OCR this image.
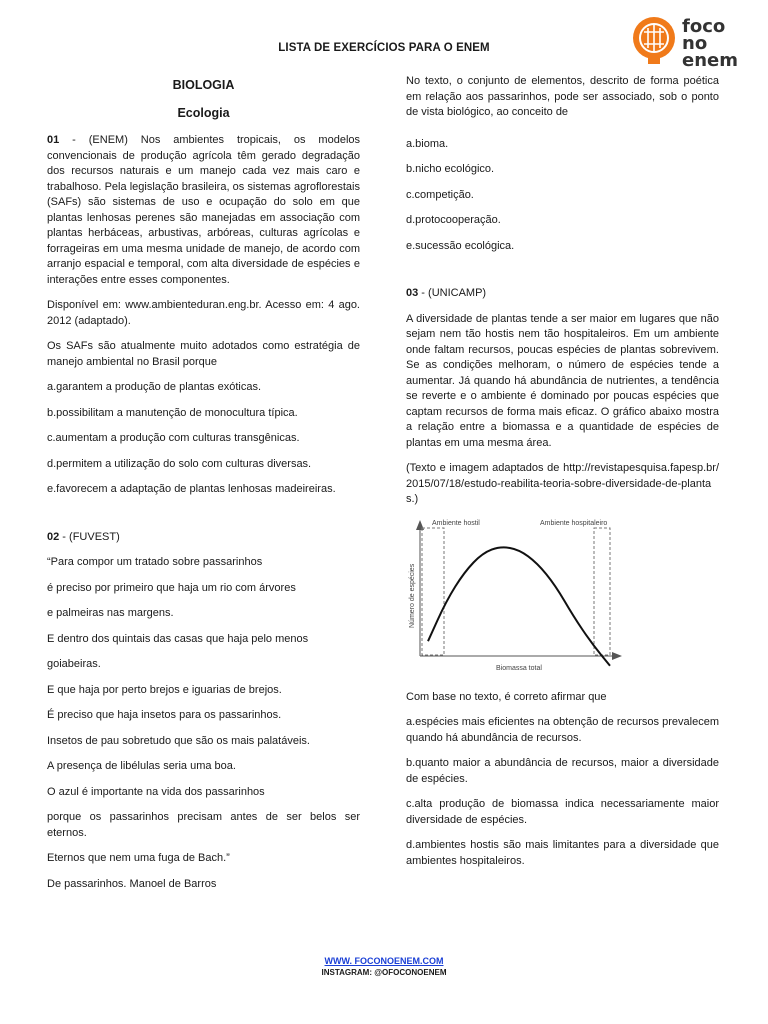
foco
no enem
LISTA DE EXERCÍCIOS PARA O ENEM
BIOLOGIA
Ecologia

01 - (ENEM) Nos ambientes tropicais, os modelos convencionais de produção agrícola têm gerado degradação dos recursos naturais e um manejo cada vez mais caro e trabalhoso. Pela legislação brasileira, os sistemas agroflorestais (SAFs) são sistemas de uso e ocupação do solo em que plantas lenhosas perenes são manejadas em associação com plantas herbáceas, arbustivas, arbóreas, culturas agrícolas e forrageiras em uma mesma unidade de manejo, de acordo com arranjo espacial e temporal, com alta diversidade de espécies e interações entre esses componentes.

Disponível em: www.ambienteduran.eng.br. Acesso em: 4 ago. 2012 (adaptado).

Os SAFs são atualmente muito adotados como estratégia de manejo ambiental no Brasil porque

a.garantem a produção de plantas exóticas.
b.possibilitam a manutenção de monocultura típica.
c.aumentam a produção com culturas transgênicas.
d.permitem a utilização do solo com culturas diversas.
e.favorecem a adaptação de plantas lenhosas madeireiras.

02 - (FUVEST)

“Para compor um tratado sobre passarinhos

é preciso por primeiro que haja um rio com árvores

e palmeiras nas margens.

E dentro dos quintais das casas que haja pelo menos

goiabeiras.

E que haja por perto brejos e iguarias de brejos.

É preciso que haja insetos para os passarinhos.

Insetos de pau sobretudo que são os mais palatáveis.

A presença de libélulas seria uma boa.

O azul é importante na vida dos passarinhos

porque os passarinhos precisam antes de ser belos ser eternos.

Eternos que nem uma fuga de Bach.”

De passarinhos. Manoel de Barros

No texto, o conjunto de elementos, descrito de forma poética em relação aos passarinhos, pode ser associado, sob o ponto de vista biológico, ao conceito de

a.bioma.
b.nicho ecológico.
c.competição.
d.protocooperação.
e.sucessão ecológica.

03 - (UNICAMP)

A diversidade de plantas tende a ser maior em lugares que não sejam nem tão hostis nem tão hospitaleiros. Em um ambiente onde faltam recursos, poucas espécies de plantas sobrevivem. Se as condições melhoram, o número de espécies tende a aumentar. Já quando há abundância de nutrientes, a tendência se reverte e o ambiente é dominado por poucas espécies que captam recursos de forma mais eficaz. O gráfico abaixo mostra a relação entre a biomassa e a quantidade de espécies de plantas em uma mesma área.

(Texto e imagem adaptados de http://revistapesquisa.fapesp.br/2015/07/18/estudo-reabilita-teoria-sobre-diversidade-de-plantas.)

Ambiente hostil	Ambiente hospitaleiro
Número de espécies
Biomassa total

Com base no texto, é correto afirmar que

a.espécies mais eficientes na obtenção de recursos prevalecem quando há abundância de recursos.
b.quanto maior a abundância de recursos, maior a diversidade de espécies.
c.alta produção de biomassa indica necessariamente maior diversidade de espécies.
d.ambientes hostis são mais limitantes para a diversidade que ambientes hospitaleiros.
WWW. FOCONOENEM.COM
INSTAGRAM: @OFOCONOENEM
